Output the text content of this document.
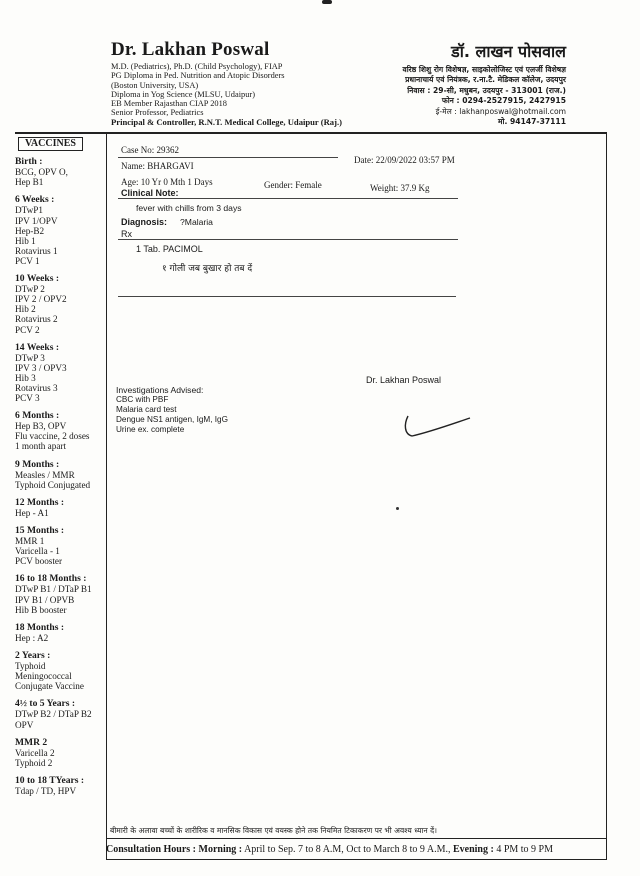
Dr. Lakhan Poswal
M.D. (Pediatrics), Ph.D. (Child Psychology), FIAP
PG Diploma in Ped. Nutrition and Atopic Disorders
(Boston University, USA)
Diploma in Yog Science (MLSU, Udaipur)
EB Member Rajasthan CIAP 2018
Senior Professor, Pediatrics
Principal & Controller, R.N.T. Medical College, Udaipur (Raj.)
डॉ. लाखन पोसवाल
वरिष्ठ शिशु रोग विशेषज्ञ, साइकोलोजिस्ट एवं एलर्जी विशेषज्ञ
प्रधानाचार्य एवं नियंत्रक, र.ना.टै. मेडिकल कॉलेज, उदयपुर
निवास : 29-सी, मधुबन, उदयपुर - 313001 (राज.)
फोन : 0294-2527915, 2427915
ई-मेल : lakhanposwal@hotmail.com
मो. 94147-37111
VACCINES
Birth :
BCG, OPV O,
Hep B1
6 Weeks :
DTwP1
IPV 1/OPV
Hep-B2
Hib 1
Rotavirus 1
PCV 1
10 Weeks :
DTwP 2
IPV 2 / OPV2
Hib 2
Rotavirus 2
PCV 2
14 Weeks :
DTwP 3
IPV 3 / OPV3
Hib 3
Rotavirus 3
PCV 3
6 Months :
Hep B3, OPV
Flu vaccine, 2 doses
1 month apart
9 Months :
Measles / MMR
Typhoid Conjugated
12 Months :
Hep - A1
15 Months :
MMR 1
Varicella - 1
PCV booster
16 to 18 Months :
DTwP B1 / DTaP B1
IPV B1 / OPVB
Hib B booster
18 Months :
Hep : A2
2 Years :
Typhoid
Meningococcal
Conjugate Vaccine
4½ to 5 Years :
DTwP B2 / DTaP B2
OPV
MMR 2
Varicella 2
Typhoid 2
10 to 18 TYears :
Tdap / TD, HPV
Case No: 29362
Date: 22/09/2022 03:57 PM
Name: BHARGAVI
Age: 10 Yr 0 Mth 1 Days	Gender: Female	Weight: 37.9 Kg
Clinical Note:
fever with chills from 3 days
Diagnosis: ?Malaria
Rx
1 Tab. PACIMOL
१ गोली जब बुखार हो तब दें
Dr. Lakhan Poswal
Investigations Advised:
CBC with PBF
Malaria card test
Dengue NS1 antigen, IgM, IgG
Urine ex. complete
बीमारी के अलावा बच्चों के शारीरिक व मानसिक विकास एवं वयस्क होने तक नियमित टिकाकरण पर भी अवश्य ध्यान दें।
Consultation Hours : Morning : April to Sep. 7 to 8 A.M, Oct to March 8 to 9 A.M., Evening : 4 PM to 9 PM
